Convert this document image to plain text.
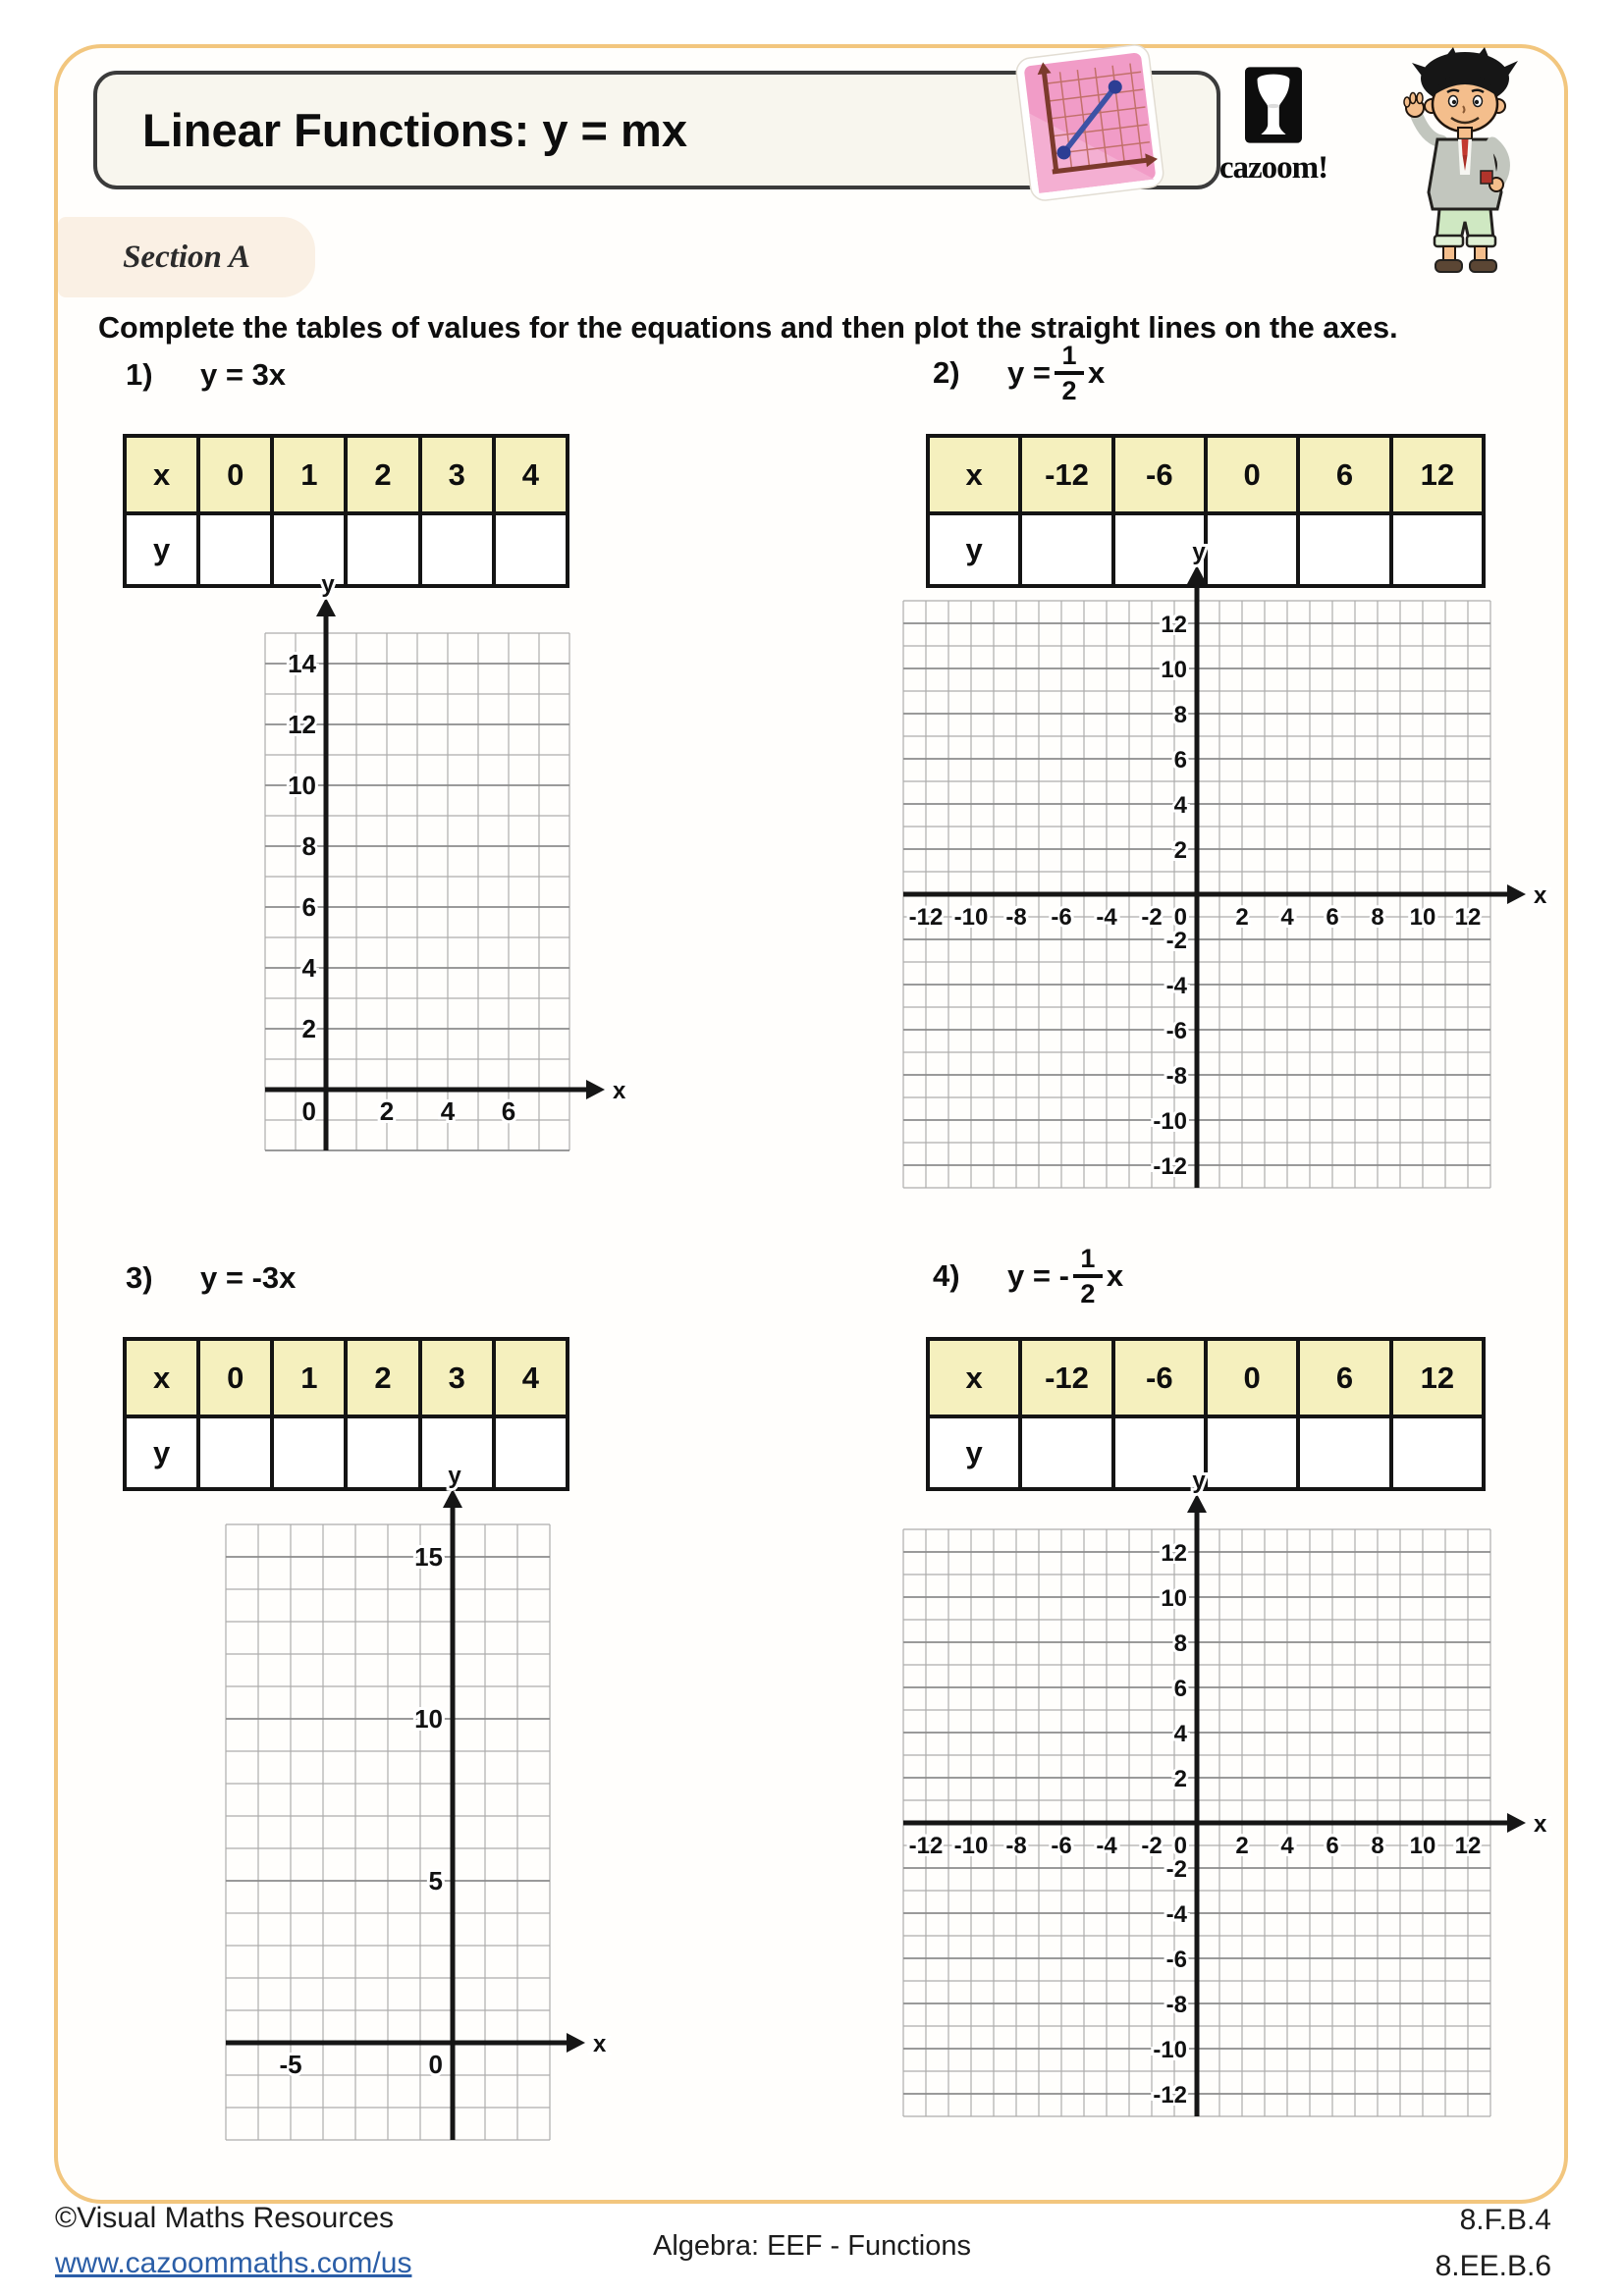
Linear Functions: y = mx
cazoom!
Section A
Complete the tables of values for the equations and then plot the straight lines on the axes.
1)	y = 3x	2)	$y = \frac{1}{2}$ x
3)	y = -3x	4)	y = - $\frac{1}{2}$ x
x	0	1	2	3	4
y					
x	-12	-6	0	6	12
y					
x	0	1	2	3	4
y					
x	-12	-6	0	6	12
y					
y
x
0 2 4 6
14
12
10
8
6
4
2
y
x
0
-12 -10 -8 -6 -4 -2	2 4 6 8 10 12
12
10
8
6
4
2
-2
-4
-6
-8
-10
-12
y
x
0
-5
15
10
5
y
x
0
-12 -10 -8 -6 -4 -2	2 4 6 8 10 12
12
10
8
6
4
2
-2
-4
-6
-8
-10
-12
©Visual Maths Resources
www.cazoommaths.com/us
Algebra: EEF - Functions
8.F.B.4
8.EE.B.6
